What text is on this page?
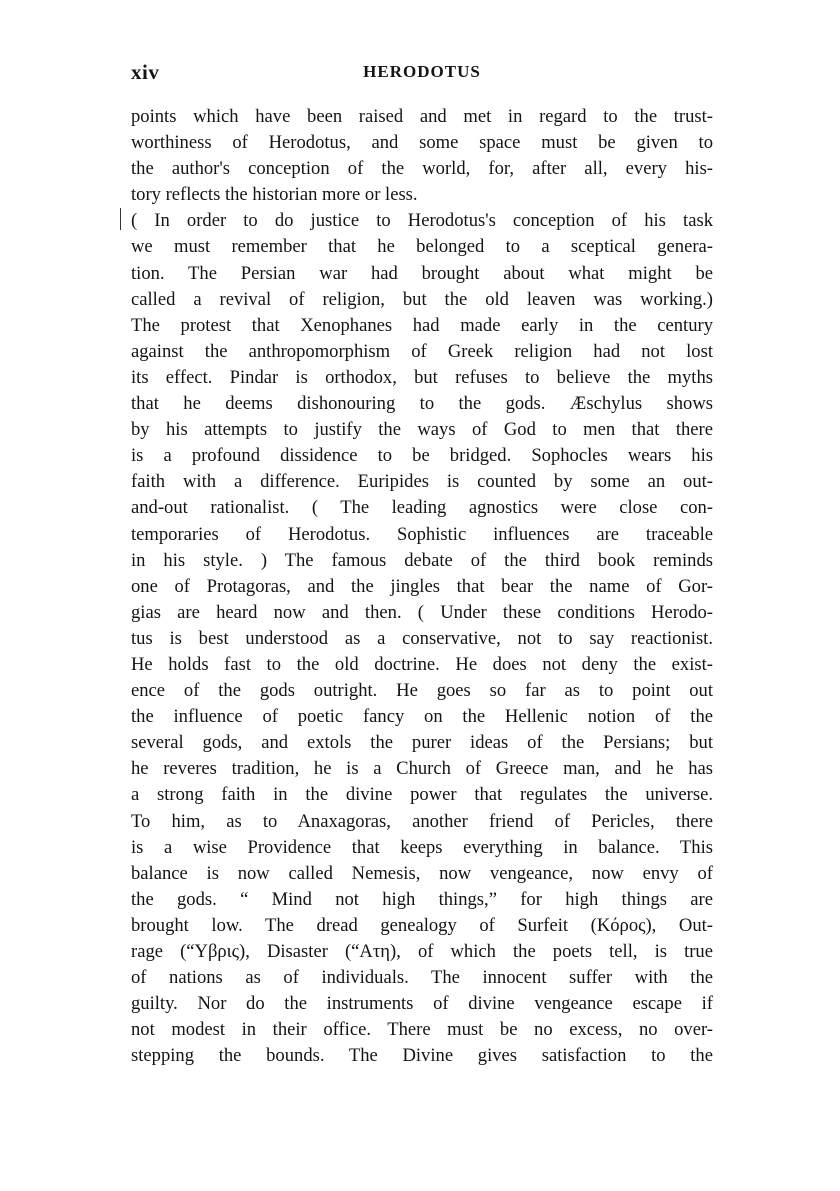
xiv	HERODOTUS
points which have been raised and met in regard to the trust-
worthiness of Herodotus, and some space must be given to
the author's conception of the world, for, after all, every his-
tory reflects the historian more or less.
( In order to do justice to Herodotus's conception of his task
we must remember that he belonged to a sceptical genera-
tion. The Persian war had brought about what might be
called a revival of religion, but the old leaven was working.)
The protest that Xenophanes had made early in the century
against the anthropomorphism of Greek religion had not lost
its effect. Pindar is orthodox, but refuses to believe the myths
that he deems dishonouring to the gods. Æschylus shows
by his attempts to justify the ways of God to men that there
is a profound dissidence to be bridged. Sophocles wears his
faith with a difference. Euripides is counted by some an out-
and-out rationalist. ( The leading agnostics were close con-
temporaries of Herodotus. Sophistic influences are traceable
in his style. ) The famous debate of the third book reminds
one of Protagoras, and the jingles that bear the name of Gor-
gias are heard now and then. ( Under these conditions Herodo-
tus is best understood as a conservative, not to say reactionist.
He holds fast to the old doctrine. He does not deny the exist-
ence of the gods outright. He goes so far as to point out
the influence of poetic fancy on the Hellenic notion of the
several gods, and extols the purer ideas of the Persians; but
he reveres tradition, he is a Church of Greece man, and he has
a strong faith in the divine power that regulates the universe.
To him, as to Anaxagoras, another friend of Pericles, there
is a wise Providence that keeps everything in balance. This
balance is now called Nemesis, now vengeance, now envy of
the gods. “ Mind not high things,” for high things are
brought low. The dread genealogy of Surfeit (Κόρος), Out-
rage (“Υβρις), Disaster (“Ατη), of which the poets tell, is true
of nations as of individuals. The innocent suffer with the
guilty. Nor do the instruments of divine vengeance escape if
not modest in their office. There must be no excess, no over-
stepping the bounds. The Divine gives satisfaction to the
